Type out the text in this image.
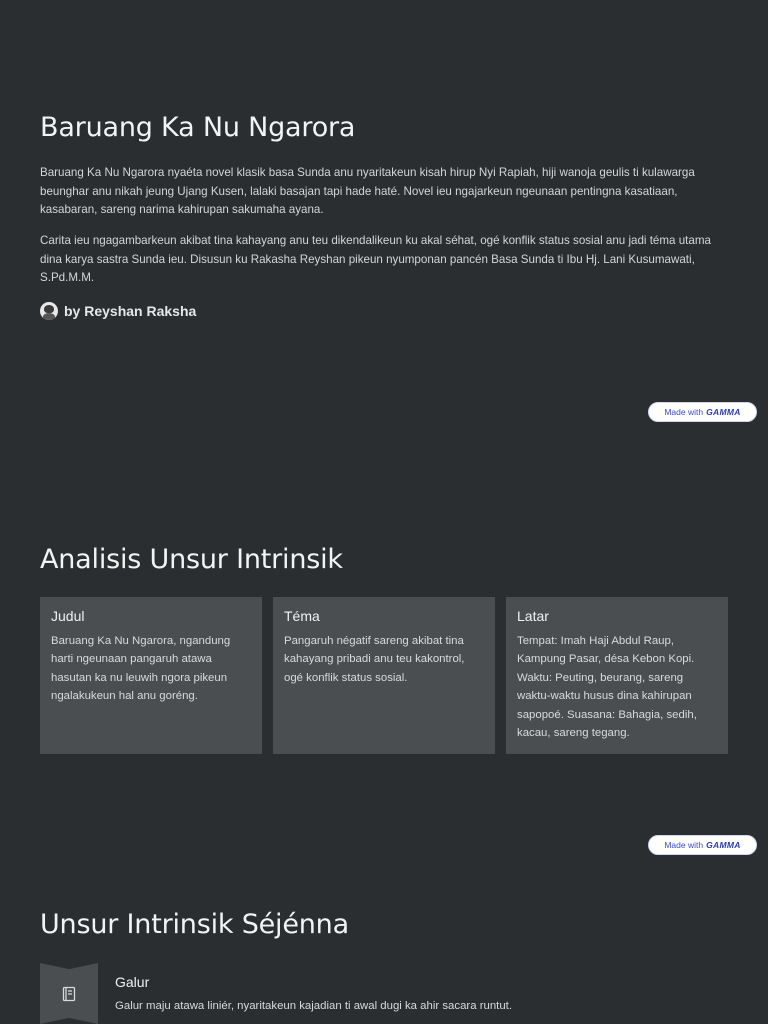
Baruang Ka Nu Ngarora

Baruang Ka Nu Ngarora nyaéta novel klasik basa Sunda anu nyaritakeun kisah hirup Nyi Rapiah, hiji wanoja geulis ti kulawarga beunghar anu nikah jeung Ujang Kusen, lalaki basajan tapi hade haté. Novel ieu ngajarkeun ngeunaan pentingna kasatiaan, kasabaran, sareng narima kahirupan sakumaha ayana.

Carita ieu ngagambarkeun akibat tina kahayang anu teu dikendalikeun ku akal séhat, ogé konflik status sosial anu jadi téma utama dina karya sastra Sunda ieu. Disusun ku Rakasha Reyshan pikeun nyumponan pancén Basa Sunda ti Ibu Hj. Lani Kusumawati, S.Pd.M.M.

by Reyshan Raksha
Made with GAMMA
Analisis Unsur Intrinsik

Judul

Baruang Ka Nu Ngarora, ngandung harti ngeunaan pangaruh atawa hasutan ka nu leuwih ngora pikeun ngalakukeun hal anu goréng.

Téma

Pangaruh négatif sareng akibat tina kahayang pribadi anu teu kakontrol, ogé konflik status sosial.

Latar

Tempat: Imah Haji Abdul Raup, Kampung Pasar, désa Kebon Kopi. Waktu: Peuting, beurang, sareng waktu-waktu husus dina kahirupan sapopoé. Suasana: Bahagia, sedih, kacau, sareng tegang.

Made with GAMMA
Unsur Intrinsik Séjénna

Galur

Galur maju atawa liniér, nyaritakeun kajadian ti awal dugi ka ahir sacara runtut.
